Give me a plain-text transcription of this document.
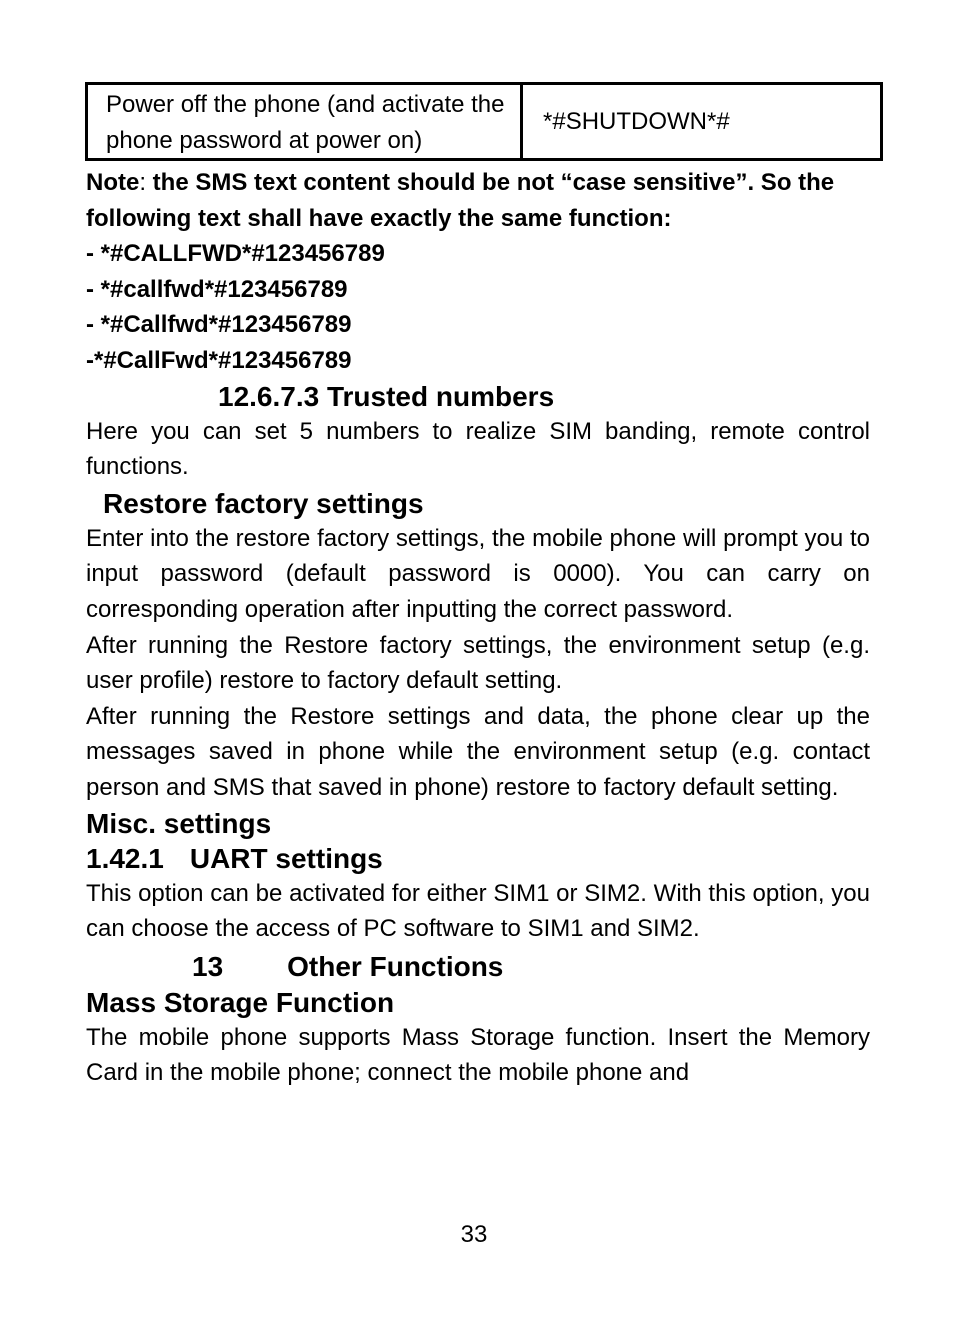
Power off the phone (and activate the phone password at power on)	*#SHUTDOWN*#

Note: the SMS text content should be not “case sensitive”. So the following text shall have exactly the same function:

- *#CALLFWD*#123456789

- *#callfwd*#123456789

- *#Callfwd*#123456789

-*#CallFwd*#123456789

12.6.7.3 Trusted numbers

Here you can set 5 numbers to realize SIM banding, remote control functions.

Restore factory settings

Enter into the restore factory settings, the mobile phone will prompt you to input password (default password is 0000). You can carry on corresponding operation after inputting the correct password.

After running the Restore factory settings, the environment setup (e.g. user profile) restore to factory default setting.

After running the Restore settings and data, the phone clear up the messages saved in phone while the environment setup (e.g. contact person and SMS that saved in phone) restore to factory default setting.

Misc. settings

1.42.1 UART settings

This option can be activated for either SIM1 or SIM2. With this option, you can choose the access of PC software to SIM1 and SIM2.

13 Other Functions

Mass Storage Function

The mobile phone supports Mass Storage function. Insert the Memory Card in the mobile phone; connect the mobile phone and

33
